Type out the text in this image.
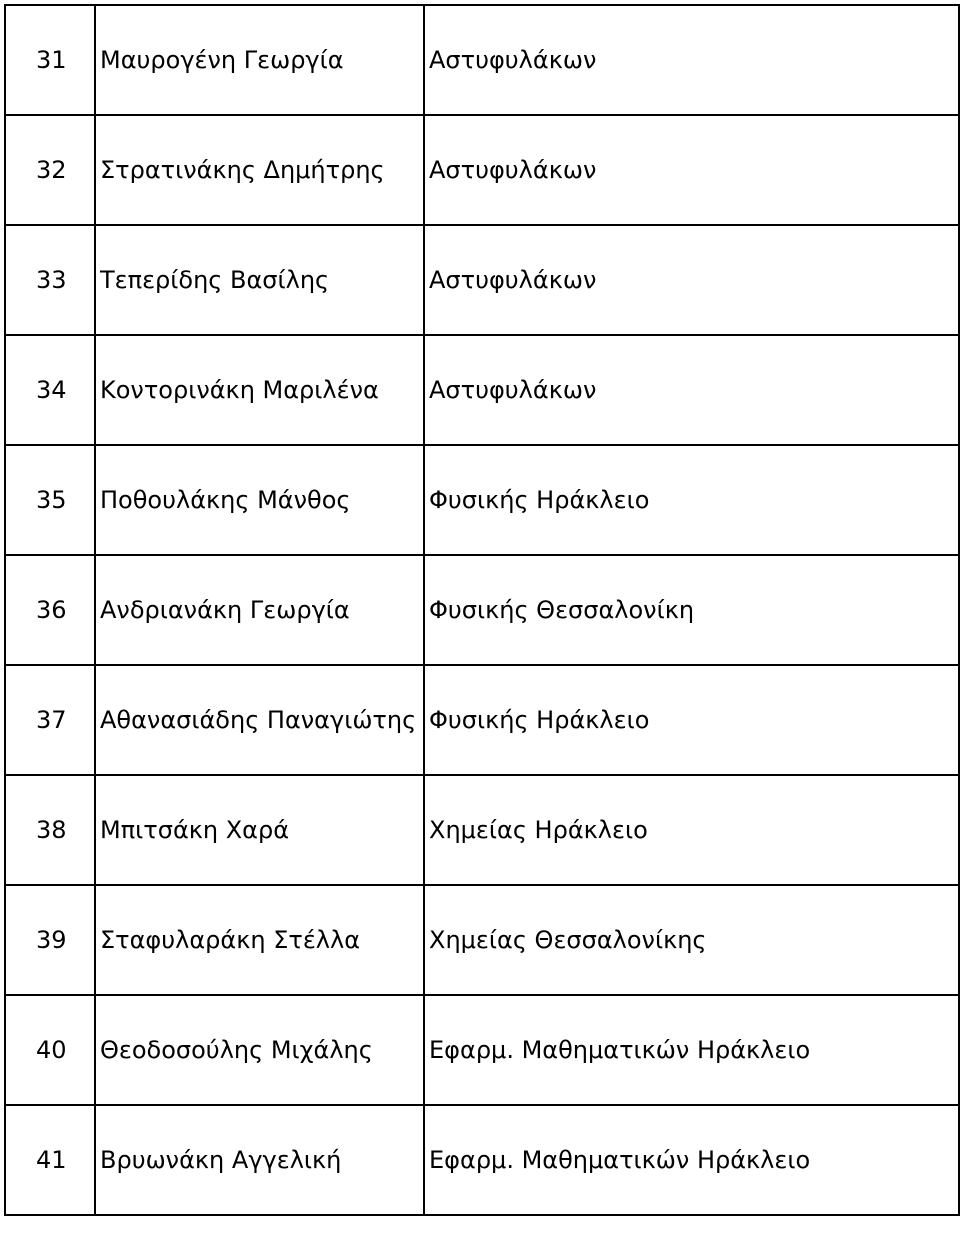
31	Μαυρογένη Γεωργία	Αστυφυλάκων
32	Στρατινάκης Δημήτρης	Αστυφυλάκων
33	Τεπερίδης Βασίλης	Αστυφυλάκων
34	Κοντορινάκη Μαριλένα	Αστυφυλάκων
35	Ποθουλάκης Μάνθος	Φυσικής Ηράκλειο
36	Ανδριανάκη Γεωργία	Φυσικής Θεσσαλονίκη
37	Αθανασιάδης Παναγιώτης	Φυσικής Ηράκλειο
38	Μπιτσάκη Χαρά	Χημείας Ηράκλειο
39	Σταφυλαράκη Στέλλα	Χημείας Θεσσαλονίκης
40	Θεοδοσούλης Μιχάλης	Εφαρμ. Μαθηματικών Ηράκλειο
41	Βρυωνάκη Αγγελική	Εφαρμ. Μαθηματικών Ηράκλειο
